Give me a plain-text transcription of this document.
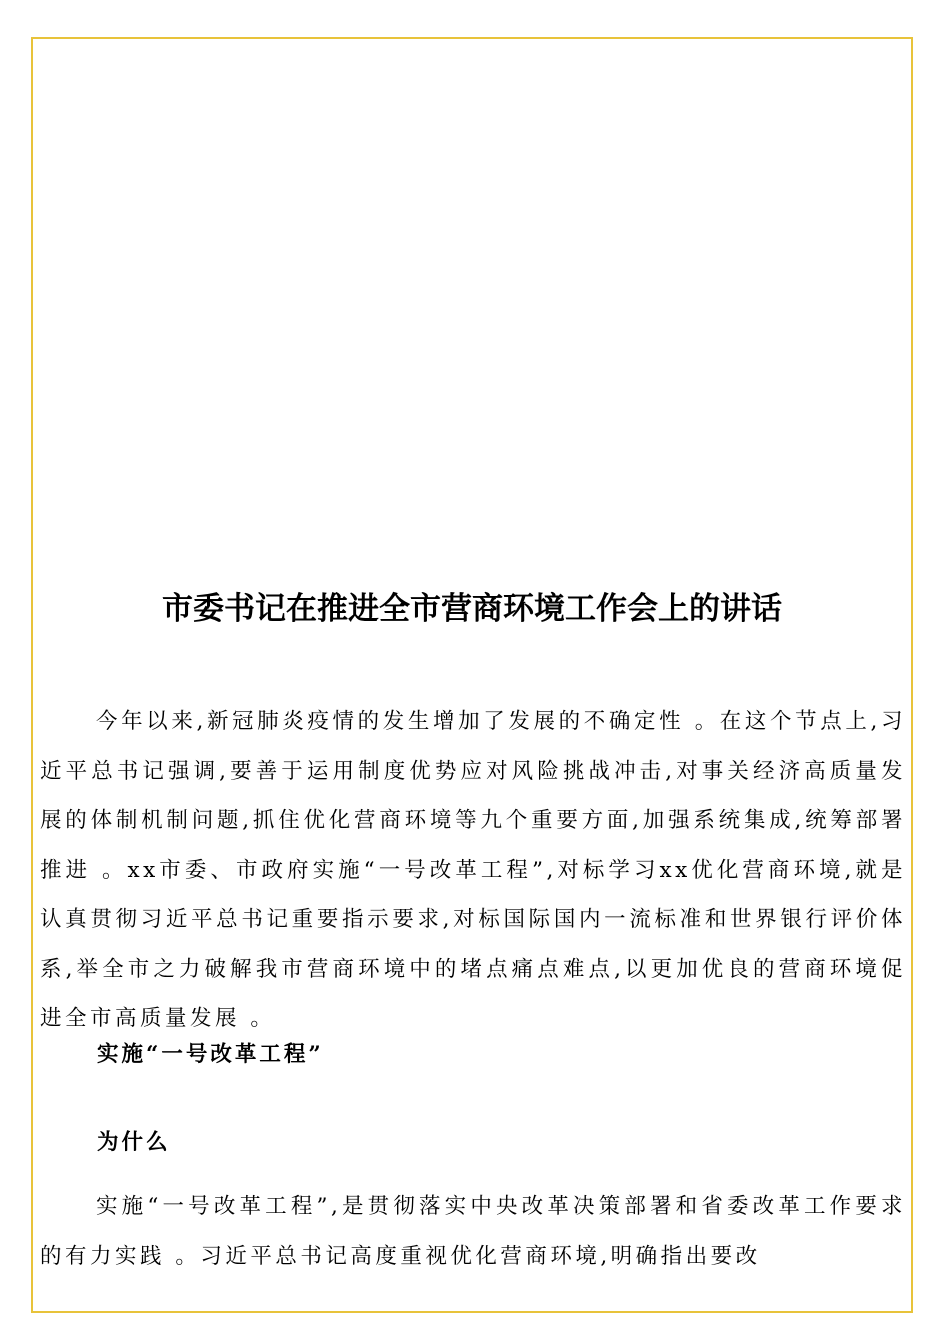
市委书记在推进全市营商环境工作会上的讲话

今年以来,新冠肺炎疫情的发生增加了发展的不确定性 。在这个节点上,习近平总书记强调,要善于运用制度优势应对风险挑战冲击,对事关经济高质量发展的体制机制问题,抓住优化营商环境等九个重要方面,加强系统集成,统筹部署推进 。xx市委、市政府实施“一号改革工程”,对标学习xx优化营商环境,就是认真贯彻习近平总书记重要指示要求,对标国际国内一流标准和世界银行评价体系,举全市之力破解我市营商环境中的堵点痛点难点,以更加优良的营商环境促进全市高质量发展 。

实施“一号改革工程”
为什么

实施“一号改革工程”,是贯彻落实中央改革决策部署和省委改革工作要求的有力实践 。习近平总书记高度重视优化营商环境,明确指出要改
